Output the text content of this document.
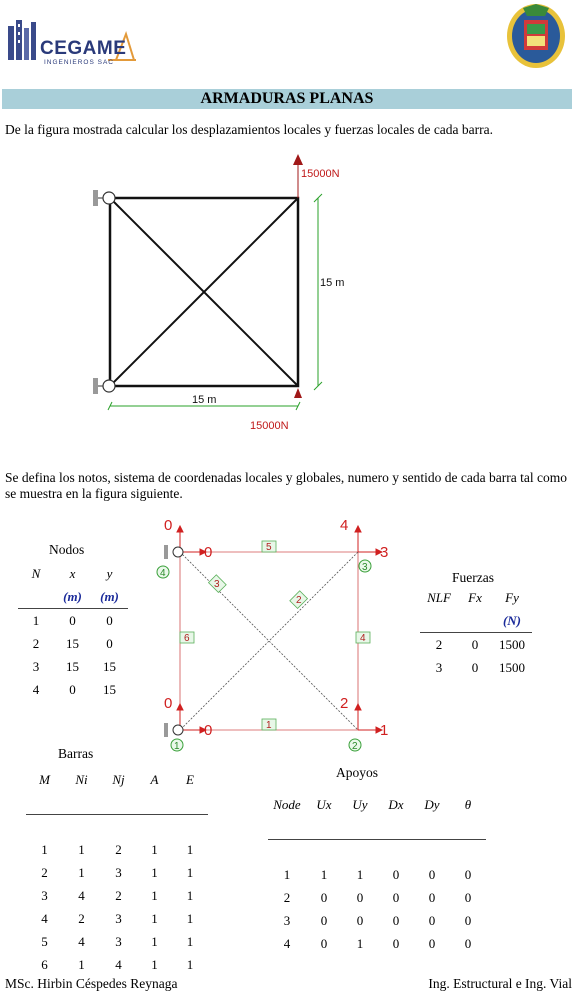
CEGAME
INGENIEROS SAC
ARMADURAS PLANAS
De la figura mostrada calcular los desplazamientos locales y fuerzas locales de cada barra.
15000N
15000N
15 m
15 m
Se defina los notos, sistema de coordenadas locales y globales, numero y sentido de cada barra tal como se muestra en la figura siguiente.
0
0
4
3
0
0
2
1
1
2
3
4
5
6
1	2
3
4
Nodos
N	x	y
	(m)	(m)
1	0	0
2	15	0
3	15	15
4	0	15
Fuerzas
NLF	Fx	Fy
		(N)
2	0	1500
3	0	1500
Barras
M	Ni	Nj	A	E

1	1	2	1	1
2	1	3	1	1
3	4	2	1	1
4	2	3	1	1
5	4	3	1	1
6	1	4	1	1
Apoyos
Node	Ux	Uy	Dx	Dy	θ

1	1	1	0	0	0
2	0	0	0	0	0
3	0	0	0	0	0
4	0	1	0	0	0
MSc. Hirbin Céspedes Reynaga	Ing. Estructural e Ing. Vial
